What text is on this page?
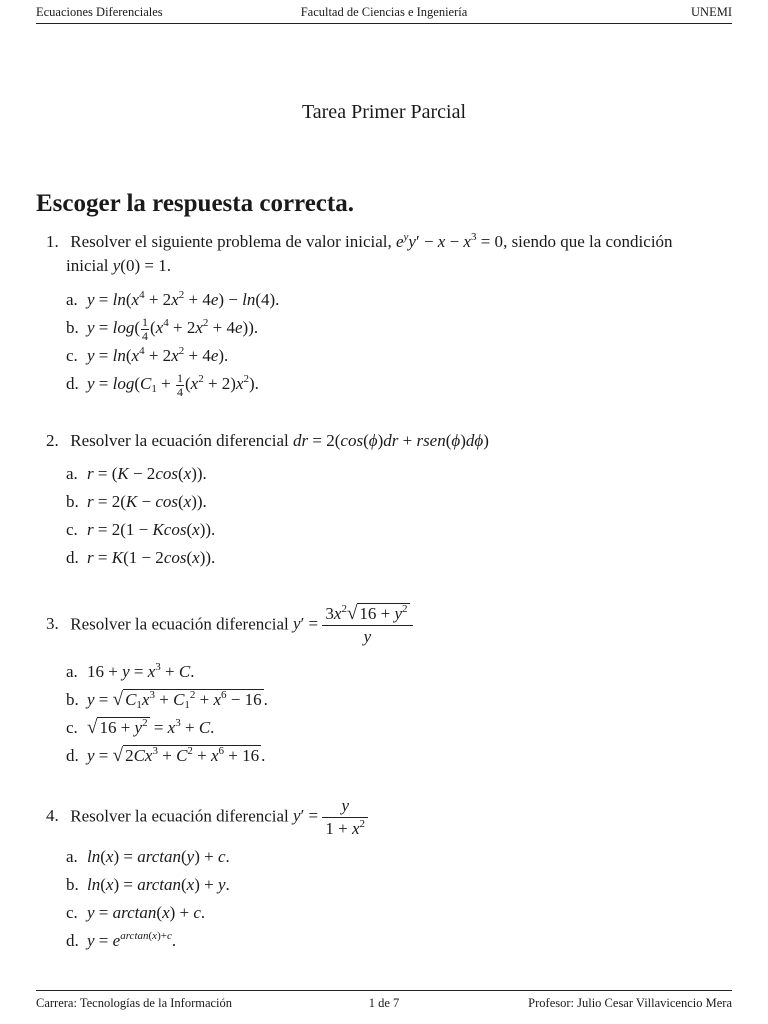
Ecuaciones Diferenciales	Facultad de Ciencias e Ingeniería	UNEMI
Tarea Primer Parcial
Escoger la respuesta correcta.
1. Resolver el siguiente problema de valor inicial, $e^yy' - x - x^3 = 0$, siendo que la condición
inicial y(0) = 1.
a. $y = \ln(x^4 + 2x^2 + 4e) - \ln(4)$.
b. $y = \log( \frac{1}{4} (x^4 + 2x^2 + 4e))$.
c. $y = \ln(x^4 + 2x^2 + 4e)$.
d. $y = \log(C_1 + \frac{1}{4} (x^2 + 2)x^2)$.
2. Resolver la ecuación diferencial dr = 2(cos(ϕ)dr + rsen(ϕ)dϕ)
a. r = (K − 2cos(x)).
b. r = 2(K − cos(x)).
c. r = 2(1 − Kcos(x)).
d. r = K(1 − 2cos(x)).
3. Resolver la ecuación diferencial $y' = \frac{3x^2√ 16 + y^2}{y}$
a. $16 + y = x^3 + C$.
b. y = √ $C_1x^3 + C_1^2 + x^6 - 16$ .
c. √ $16 + y^2 = x^3 + C$.
d. y = √ $2Cx^3 + C^2 + x^6 + 16$ .
4. Resolver la ecuación diferencial $y' = \frac{y}{1 + x^2}$
a. ln(x) = arctan(y) + c.
b. ln(x) = arctan(x) + y.
c. y = arctan(x) + c.
d. $y = e^{arctan(x)+c}$.
Carrera: Tecnologías de la Información	1 de 7	Profesor: Julio Cesar Villavicencio Mera
